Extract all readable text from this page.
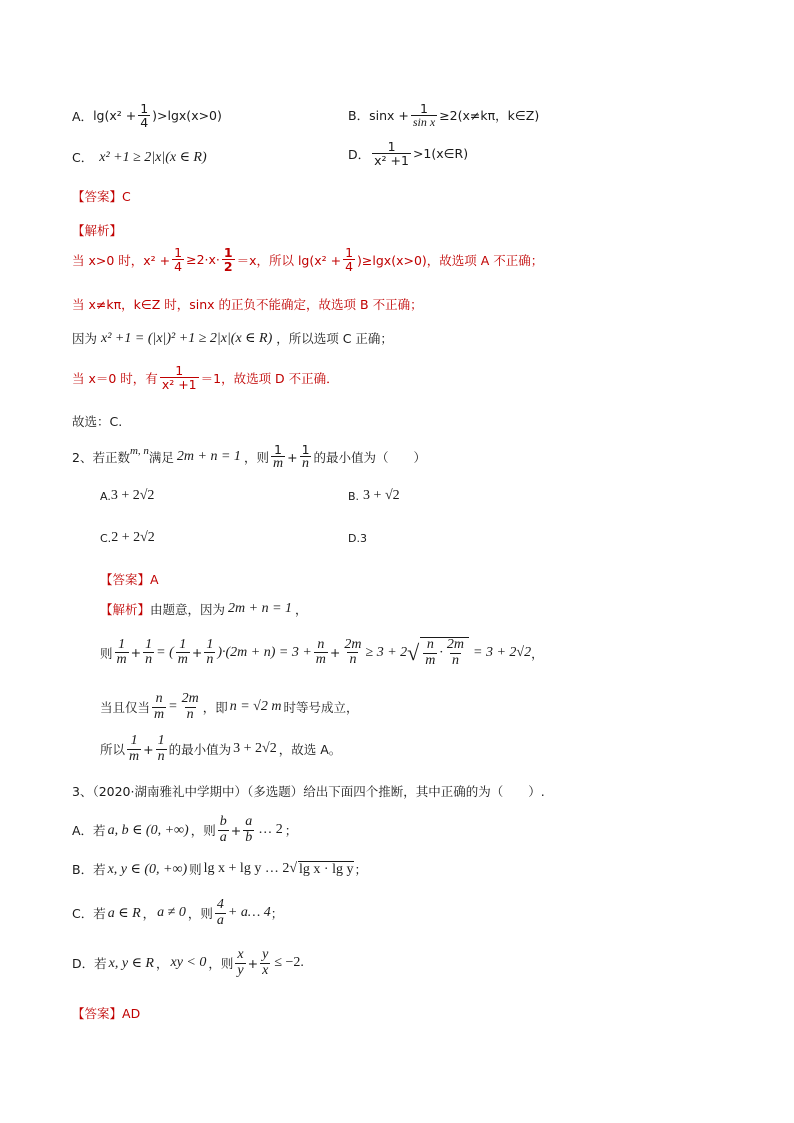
A． $\lg(x^2 + \frac{1}{4} )>\lg x(x>0)$	B． $\sin x + \frac{1}{\text{sin x}} \ge 2(x\ne k\pi$，k∈Z)
C． x² +1 ≥ 2|x|(x ∈ R)	D． $\frac{1}{\text{x² +1}}$ >1(x∈R)
【答案】C
【解析】
当 x>0 时，$x^2 + \frac{1}{4} \ge 2\cdot x\cdot \frac{1}{2} =x$，所以 $\lg(x^2 + \frac{1}{4} )\ge\lg x(x>0)$，故选项 A 不正确；
当 x≠kπ，k∈Z 时，sinx 的正负不能确定，故选项 B 不正确；
因为 x² +1 = (|x|)² +1 ≥ 2|x|(x ∈ R) ，所以选项 C 正确；
当 x＝0 时，有 $\frac{1}{\text{x² +1}} =1$，故选项 D 不正确．
故选：C.
2、若正数 m, n 满足 2m + n = 1 ，则 $\frac{1}{m} + \frac{1}{n}$ 的最小值为（　　）
A. 3 + 2√2	B. 3 + √2
C. 2 + 2√2	D. 3
【答案】A
【解析】 由题意，因为 2m + n = 1 ，
则 $\frac{1}{m} + \frac{1}{n}$ = ( $\frac{1}{m} + \frac{1}{n} )\cdot(2m + n) = 3 + \frac{n}{m} + \frac{2m}{n} \ge 3 + 2$ √ $\frac{n}{m} \cdot \frac{2m}{n} = 3 + 2√2$ ，
当且仅当 $\frac{n}{m} = \frac{2m}{n}$ ，即 n = √2 m 时等号成立，
所以 $\frac{1}{m} + \frac{1}{n}$ 的最小值为 3 + 2√2 ，故选 A。
3、（2020·湖南雅礼中学期中）（多选题）给出下面四个推断，其中正确的为（　　）.
A．若 a, b ∈ (0, +∞) ，则 $\frac{b}{a} + \frac{a}{b}$ … 2 ；
B．若 x, y ∈ (0, +∞) 则 lg x + lg y … 2 √ lg x · lg y ；
C．若 a ∈ R ， a ≠ 0 ，则 $\frac{4}{a}$ + a… 4 ；
D．若 x, y ∈ R ， xy < 0 ，则 $\frac{x}{y} + \frac{y}{x} \le -2$.
【答案】AD
